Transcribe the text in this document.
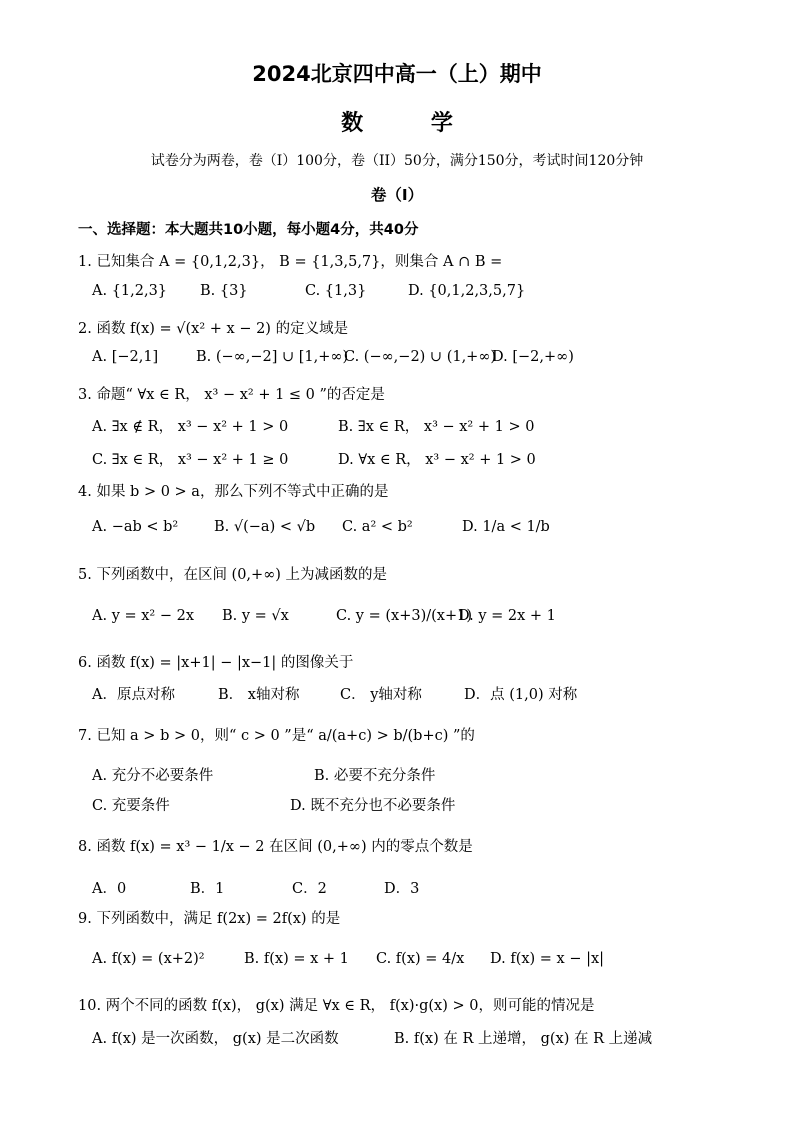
2024北京四中高一（上）期中
数 学
试卷分为两卷，卷（I）100分，卷（II）50分，满分150分，考试时间120分钟
卷（I）
一、选择题：本大题共10小题，每小题4分，共40分
1. 已知集合 A = {0,1,2,3}， B = {1,3,5,7}，则集合 A ∩ B =
A. {1,2,3} B. {3}	C. {1,3}	D. {0,1,2,3,5,7}
2. 函数 f(x) = √(x² + x − 2) 的定义域是
A. [−2,1]	B. (−∞,−2] ∪ [1,+∞)
C. (−∞,−2) ∪ (1,+∞)
D. [−2,+∞)
3. 命题“ ∀x ∈ R， x³ − x² + 1 ≤ 0 ”的否定是
A. ∃x ∉ R， x³ − x² + 1 > 0	B. ∃x ∈ R， x³ − x² + 1 > 0
C. ∃x ∈ R， x³ − x² + 1 ≥ 0	D. ∀x ∈ R， x³ − x² + 1 > 0
4. 如果 b > 0 > a，那么下列不等式中正确的是
A. −ab < b² B. √(−a) < √b C. a² < b²	D. 1/a < 1/b
5. 下列函数中，在区间 (0,+∞) 上为减函数的是
A. y = x² − 2x B. y = √x	C. y = (x+3)/(x+1)
D. y = 2x + 1
6. 函数 f(x) = |x+1| − |x−1| 的图像关于
A．原点对称	B． x轴对称	C． y轴对称	D．点 (1,0) 对称
7. 已知 a > b > 0，则“ c > 0 ”是“ a/(a+c) > b/(b+c) ”的
A. 充分不必要条件	B. 必要不充分条件
C. 充要条件	D. 既不充分也不必要条件
8. 函数 f(x) = x³ − 1/x − 2 在区间 (0,+∞) 内的零点个数是
A．0	B．1	C．2	D．3
9. 下列函数中，满足 f(2x) = 2f(x) 的是
A. f(x) = (x+2)²	B. f(x) = x + 1 C. f(x) = 4/x D. f(x) = x − |x|
10. 两个不同的函数 f(x)， g(x) 满足 ∀x ∈ R， f(x)·g(x) > 0，则可能的情况是
A. f(x) 是一次函数， g(x) 是二次函数	B. f(x) 在 R 上递增， g(x) 在 R 上递减
